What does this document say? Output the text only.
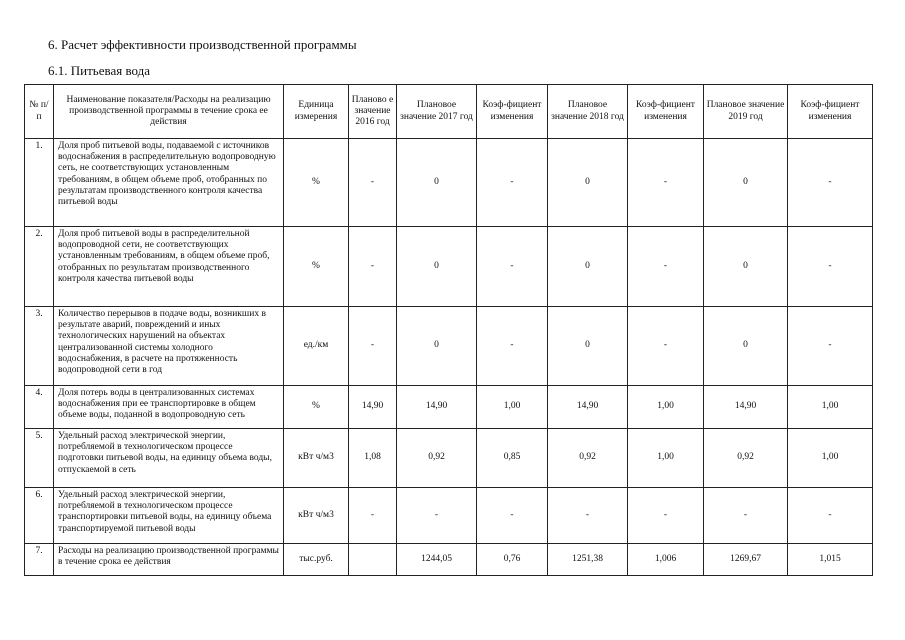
6. Расчет эффективности производственной программы
6.1. Питьевая вода
№ п/п	Наименование показателя/Расходы на реализацию производственной программы в течение срока ее действия	Единица измерения	Планово е значение 2016 год	Плановое значение 2017 год	Коэф-фициент изменения	Плановое значение 2018 год	Коэф-фициент изменения	Плановое значение 2019 год	Коэф-фициент изменения
1.	Доля проб питьевой воды, подаваемой с источников водоснабжения в распределительную водопроводную сеть, не соответствующих установленным требованиям, в общем объеме проб, отобранных по результатам производственного контроля качества питьевой воды	%	-	0	-	0	-	0	-
2.	Доля проб питьевой воды в распределительной водопроводной сети, не соответствующих установленным требованиям, в общем объеме проб, отобранных по результатам производственного контроля качества питьевой воды	%	-	0	-	0	-	0	-
3.	Количество перерывов в подаче воды, возникших в результате аварий, повреждений и иных технологических нарушений на объектах централизованной системы холодного водоснабжения, в расчете на протяженность водопроводной сети в год	ед./км	-	0	-	0	-	0	-
4.	Доля потерь воды в централизованных системах водоснабжения при ее транспортировке в общем объеме воды, поданной в водопроводную сеть	%	14,90	14,90	1,00	14,90	1,00	14,90	1,00
5.	Удельный расход электрической энергии, потребляемой в технологическом процессе подготовки питьевой воды, на единицу объема воды, отпускаемой в сеть	кВт ч/м3	1,08	0,92	0,85	0,92	1,00	0,92	1,00
6.	Удельный расход электрической энергии, потребляемой в технологическом процессе транспортировки питьевой воды, на единицу объема транспортируемой питьевой воды	кВт ч/м3	-	-	-	-	-	-	-
7.	Расходы на реализацию производственной программы в течение срока ее действия	тыс.руб.		1244,05	0,76	1251,38	1,006	1269,67	1,015
